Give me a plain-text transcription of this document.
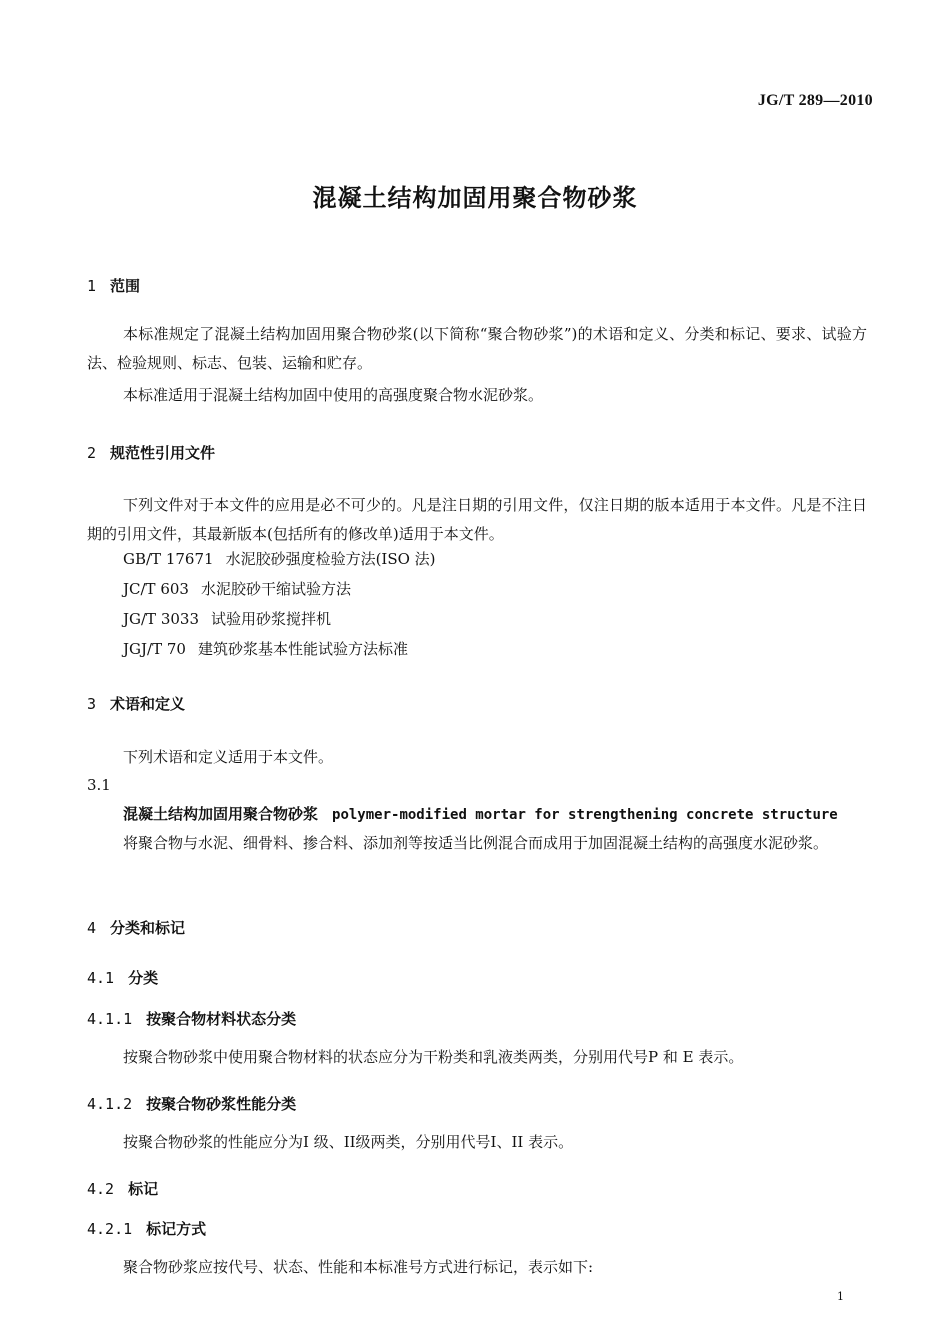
JG/T 289—2010
混凝土结构加固用聚合物砂浆
1 范围

本标准规定了混凝土结构加固用聚合物砂浆(以下简称“聚合物砂浆”)的术语和定义、分类和标记、要求、试验方法、检验规则、标志、包装、运输和贮存。

本标准适用于混凝土结构加固中使用的高强度聚合物水泥砂浆。

2 规范性引用文件

下列文件对于本文件的应用是必不可少的。凡是注日期的引用文件，仅注日期的版本适用于本文件。凡是不注日期的引用文件，其最新版本(包括所有的修改单)适用于本文件。

GB/T 17671 水泥胶砂强度检验方法(ISO 法)
JC/T 603 水泥胶砂干缩试验方法
JG/T 3033 试验用砂浆搅拌机
JGJ/T 70 建筑砂浆基本性能试验方法标准
3 术语和定义

下列术语和定义适用于本文件。

3.1
混凝土结构加固用聚合物砂浆 polymer-modified mortar for strengthening concrete structure

将聚合物与水泥、细骨料、掺合料、添加剂等按适当比例混合而成用于加固混凝土结构的高强度水泥砂浆。

4 分类和标记
4.1 分类
4.1.1 按聚合物材料状态分类

按聚合物砂浆中使用聚合物材料的状态应分为干粉类和乳液类两类，分别用代号P 和 E 表示。

4.1.2 按聚合物砂浆性能分类

按聚合物砂浆的性能应分为I 级、II级两类，分别用代号I、II 表示。

4.2 标记
4.2.1 标记方式

聚合物砂浆应按代号、状态、性能和本标准号方式进行标记，表示如下:

1
